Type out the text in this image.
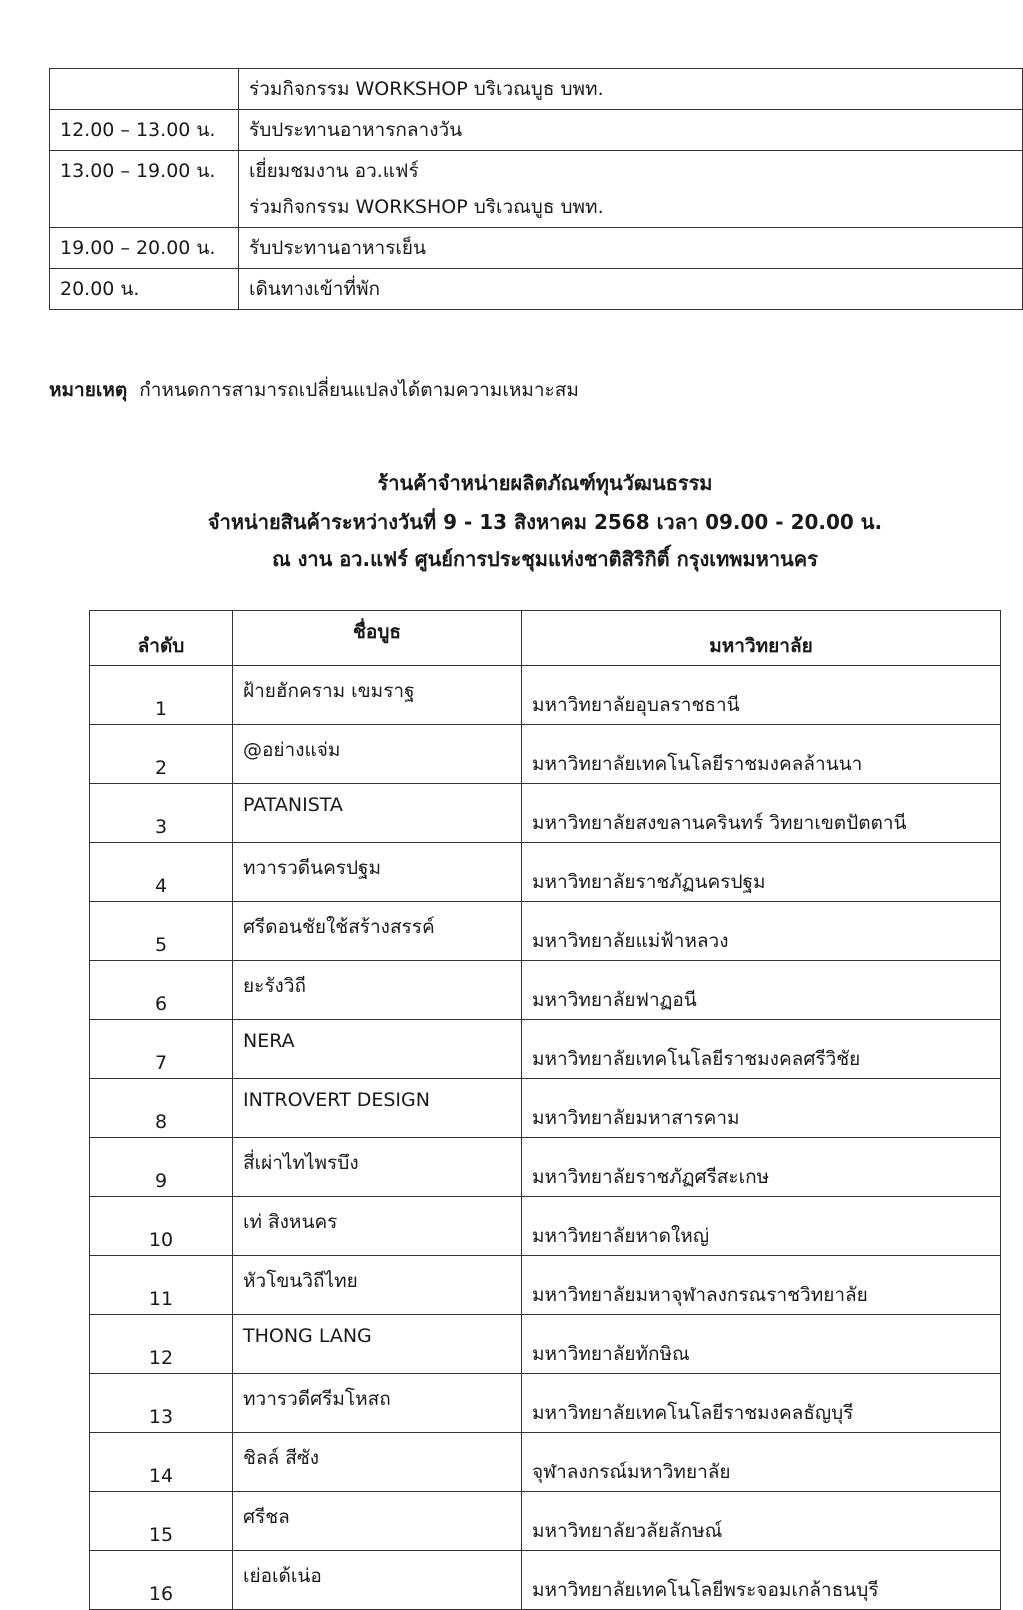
	ร่วมกิจกรรม WORKSHOP บริเวณบูธ บพท.

12.00 – 13.00 น.	รับประทานอาหารกลางวัน

13.00 – 19.00 น.	เยี่ยมชมงาน อว.แฟร์
ร่วมกิจกรรม WORKSHOP บริเวณบูธ บพท.

19.00 – 20.00 น.	รับประทานอาหารเย็น

20.00 น.	เดินทางเข้าที่พัก
หมายเหตุ กำหนดการสามารถเปลี่ยนแปลงได้ตามความเหมาะสม
ร้านค้าจำหน่ายผลิตภัณฑ์ทุนวัฒนธรรม
จำหน่ายสินค้าระหว่างวันที่ 9 - 13 สิงหาคม 2568 เวลา 09.00 - 20.00 น.
ณ งาน อว.แฟร์ ศูนย์การประชุมแห่งชาติสิริกิติ์ กรุงเทพมหานคร
ลำดับ	ชื่อบูธ	มหาวิทยาลัย
1	ฝ้ายฮักคราม เขมราฐ	มหาวิทยาลัยอุบลราชธานี
2	@อย่างแจ่ม	มหาวิทยาลัยเทคโนโลยีราชมงคลล้านนา
3	PATANISTA	มหาวิทยาลัยสงขลานครินทร์ วิทยาเขตปัตตานี
4	ทวารวดีนครปฐม	มหาวิทยาลัยราชภัฏนครปฐม
5	ศรีดอนชัยใช้สร้างสรรค์	มหาวิทยาลัยแม่ฟ้าหลวง
6	ยะรังวิถี	มหาวิทยาลัยฟาฏอนี
7	NERA	มหาวิทยาลัยเทคโนโลยีราชมงคลศรีวิชัย
8	INTROVERT DESIGN	มหาวิทยาลัยมหาสารคาม
9	สี่เผ่าไทไพรบึง	มหาวิทยาลัยราชภัฏศรีสะเกษ
10	เท่ สิงหนคร	มหาวิทยาลัยหาดใหญ่
11	หัวโขนวิถีไทย	มหาวิทยาลัยมหาจุฬาลงกรณราชวิทยาลัย
12	THONG LANG	มหาวิทยาลัยทักษิณ
13	ทวารวดีศรีมโหสถ	มหาวิทยาลัยเทคโนโลยีราชมงคลธัญบุรี
14	ชิลล์ สีซัง	จุฬาลงกรณ์มหาวิทยาลัย
15	ศรีชล	มหาวิทยาลัยวลัยลักษณ์
16	เย่อเด้เน่อ	มหาวิทยาลัยเทคโนโลยีพระจอมเกล้าธนบุรี
